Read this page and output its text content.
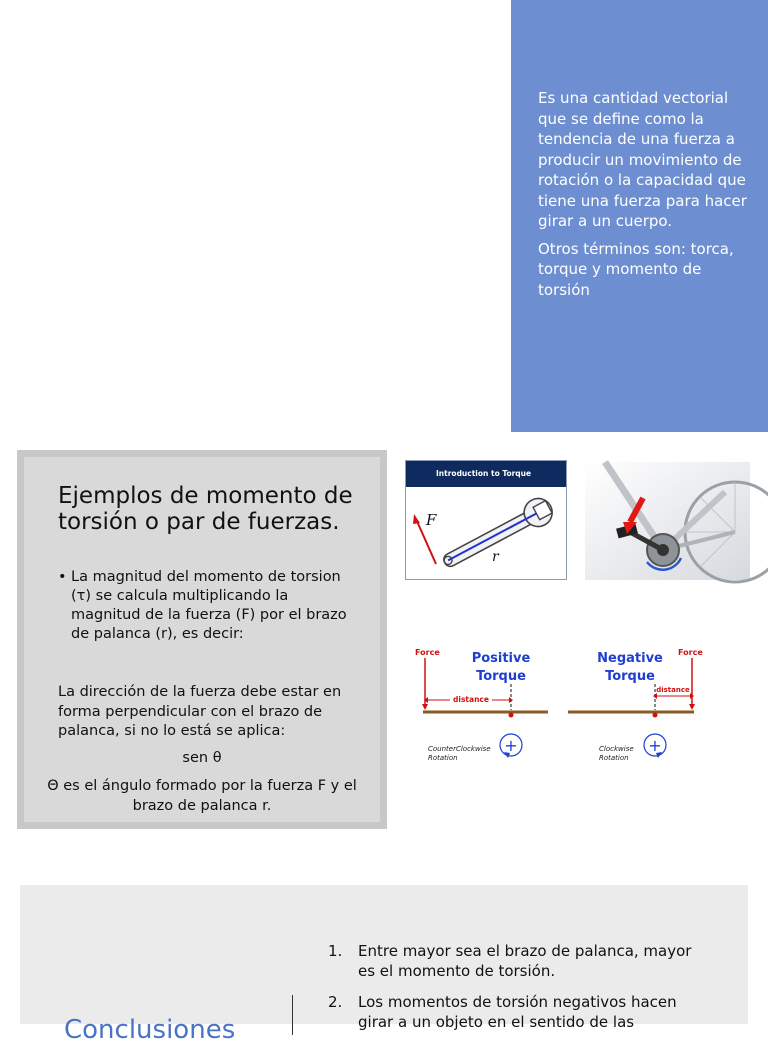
Es una cantidad vectorial que se define como la tendencia de una fuerza a producir un movimiento de rotación o la capacidad que tiene una fuerza para hacer girar a un cuerpo.

Otros términos son: torca, torque y momento de torsión

Ejemplos de momento de torsión o par de fuerzas.
• La magnitud del momento de torsion (τ) se calcula multiplicando la magnitud de la fuerza (F) por el brazo de palanca (r), es decir:
La dirección de la fuerza debe estar en forma perpendicular con el brazo de palanca, si no lo está se aplica:
sen θ
Θ es el ángulo formado por la fuerza F y el brazo de palanca r.
Introduction to Torque
F
r
Force Positive
Torque
distance
CounterClockwise
Rotation
+
Negative
Torque
Force
distance
Clockwise
Rotation
+
1. Entre mayor sea el brazo de palanca, mayor es el momento de torsión.
2. Los momentos de torsión negativos hacen girar a un objeto en el sentido de las
Conclusiones
